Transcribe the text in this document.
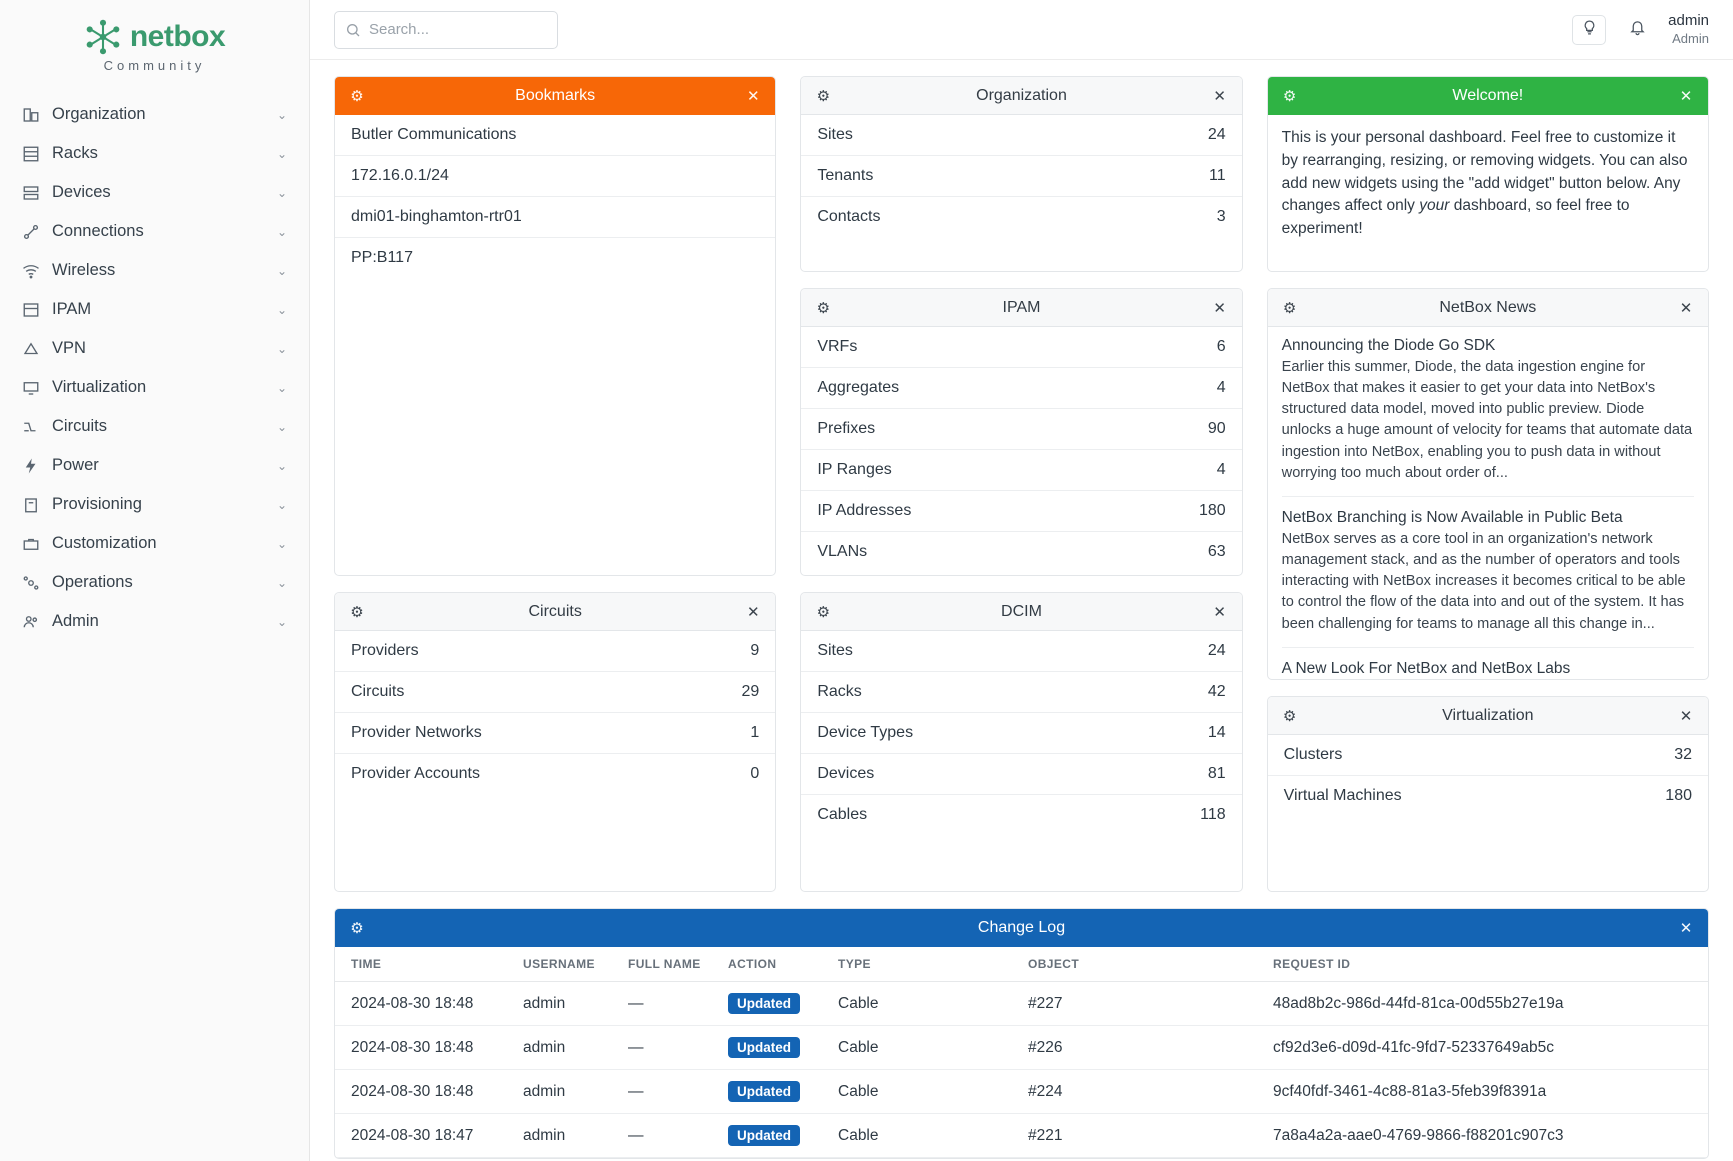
netbox
Community
Organization	⌄
Racks	⌄
Devices	⌄
Connections	⌄
Wireless	⌄
IPAM	⌄
VPN	⌄
Virtualization	⌄
Circuits	⌄
Power	⌄
Provisioning	⌄
Customization	⌄
Operations	⌄
Admin	⌄
Search...
admin
Admin
⚙	Bookmarks	✕
Butler Communications
172.16.0.1/24
dmi01-binghamton-rtr01
PP:B117
⚙	Circuits	✕
Providers	9
Circuits	29
Provider Networks	1
Provider Accounts	0
⚙	Organization	✕
Sites	24
Tenants	11
Contacts	3
⚙	IPAM	✕
VRFs	6
Aggregates	4
Prefixes	90
IP Ranges	4
IP Addresses	180
VLANs	63
⚙	DCIM	✕
Sites	24
Racks	42
Device Types	14
Devices	81
Cables	118
⚙	Welcome!	✕
This is your personal dashboard. Feel free to customize it by rearranging, resizing, or removing widgets. You can also add new widgets using the "add widget" button below. Any changes affect only your dashboard, so feel free to experiment!
⚙	NetBox News	✕
Announcing the Diode Go SDK
Earlier this summer, Diode, the data ingestion engine for NetBox that makes it easier to get your data into NetBox's structured data model, moved into public preview. Diode unlocks a huge amount of velocity for teams that automate data ingestion into NetBox, enabling you to push data in without worrying too much about order of...
NetBox Branching is Now Available in Public Beta
NetBox serves as a core tool in an organization's network management stack, and as the number of operators and tools interacting with NetBox increases it becomes critical to be able to control the flow of the data into and out of the system. It has been challenging for teams to manage all this change in...
A New Look For NetBox and NetBox Labs
⚙	Virtualization	✕
Clusters	32
Virtual Machines	180
⚙	Change Log	✕
TIME	USERNAME	FULL NAME	ACTION	TYPE	OBJECT	REQUEST ID
2024-08-30 18:48	admin	—	Updated	Cable	#227	48ad8b2c-986d-44fd-81ca-00d55b27e19a
2024-08-30 18:48	admin	—	Updated	Cable	#226	cf92d3e6-d09d-41fc-9fd7-52337649ab5c
2024-08-30 18:48	admin	—	Updated	Cable	#224	9cf40fdf-3461-4c88-81a3-5feb39f8391a
2024-08-30 18:47	admin	—	Updated	Cable	#221	7a8a4a2a-aae0-4769-9866-f88201c907c3
